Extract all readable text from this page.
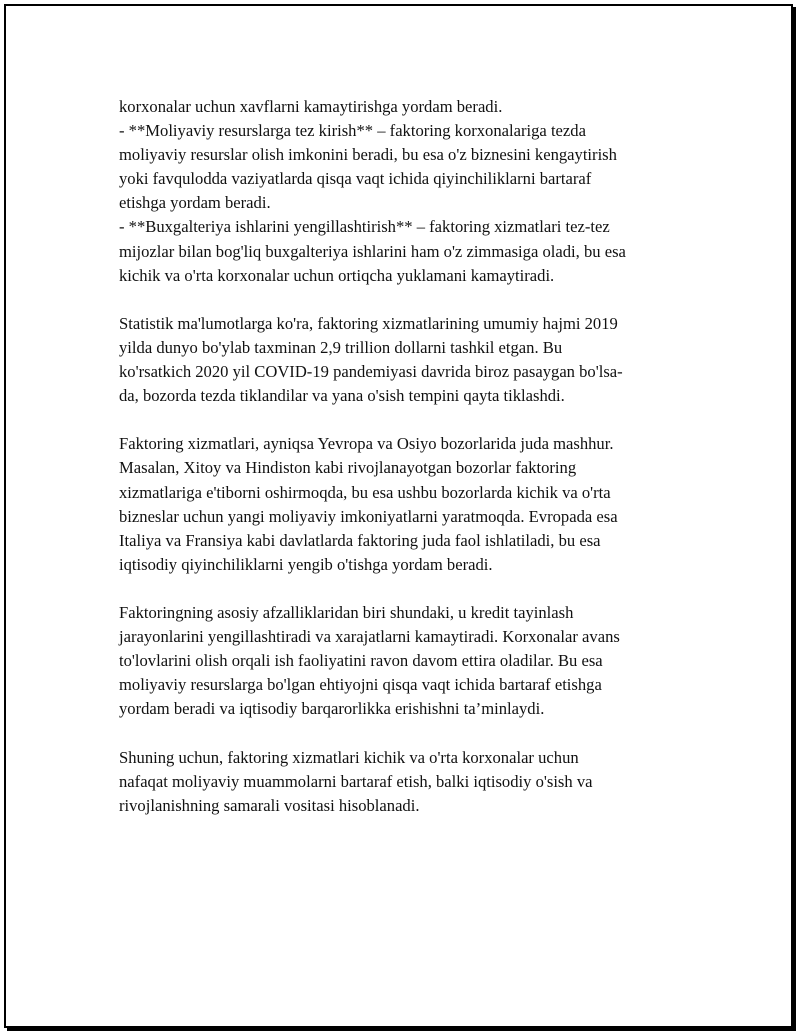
korxonalar uchun xavflarni kamaytirishga yordam beradi.
- **Moliyaviy resurslarga tez kirish** – faktoring korxonalariga tezda
moliyaviy resurslar olish imkonini beradi, bu esa o'z biznesini kengaytirish
yoki favqulodda vaziyatlarda qisqa vaqt ichida qiyinchiliklarni bartaraf
etishga yordam beradi.
- **Buxgalteriya ishlarini yengillashtirish** – faktoring xizmatlari tez-tez
mijozlar bilan bog'liq buxgalteriya ishlarini ham o'z zimmasiga oladi, bu esa
kichik va o'rta korxonalar uchun ortiqcha yuklamani kamaytiradi.

Statistik ma'lumotlarga ko'ra, faktoring xizmatlarining umumiy hajmi 2019
yilda dunyo bo'ylab taxminan 2,9 trillion dollarni tashkil etgan. Bu
ko'rsatkich 2020 yil COVID-19 pandemiyasi davrida biroz pasaygan bo'lsa-
da, bozorda tezda tiklandilar va yana o'sish tempini qayta tiklashdi.

Faktoring xizmatlari, ayniqsa Yevropa va Osiyo bozorlarida juda mashhur.
Masalan, Xitoy va Hindiston kabi rivojlanayotgan bozorlar faktoring
xizmatlariga e'tiborni oshirmoqda, bu esa ushbu bozorlarda kichik va o'rta
bizneslar uchun yangi moliyaviy imkoniyatlarni yaratmoqda. Evropada esa
Italiya va Fransiya kabi davlatlarda faktoring juda faol ishlatiladi, bu esa
iqtisodiy qiyinchiliklarni yengib o'tishga yordam beradi.

Faktoringning asosiy afzalliklaridan biri shundaki, u kredit tayinlash
jarayonlarini yengillashtiradi va xarajatlarni kamaytiradi. Korxonalar avans
to'lovlarini olish orqali ish faoliyatini ravon davom ettira oladilar. Bu esa
moliyaviy resurslarga bo'lgan ehtiyojni qisqa vaqt ichida bartaraf etishga
yordam beradi va iqtisodiy barqarorlikka erishishni ta’minlaydi.

Shuning uchun, faktoring xizmatlari kichik va o'rta korxonalar uchun
nafaqat moliyaviy muammolarni bartaraf etish, balki iqtisodiy o'sish va
rivojlanishning samarali vositasi hisoblanadi.
